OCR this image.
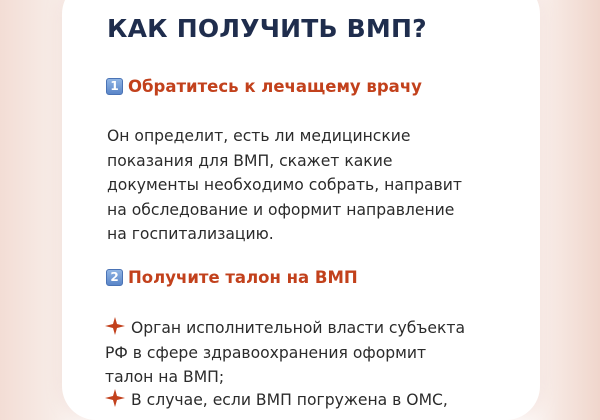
КАК ПОЛУЧИТЬ ВМП?
1 Обратитесь к лечащему врачу

Он определит, есть ли медицинские
показания для ВМП, скажет какие
документы необходимо собрать, направит
на обследование и оформит направление
на госпитализацию.

2 Получите талон на ВМП
Орган исполнительной власти субъекта
РФ в сфере здравоохранения оформит
талон на ВМП;
В случае, если ВМП погружена в ОМС,
